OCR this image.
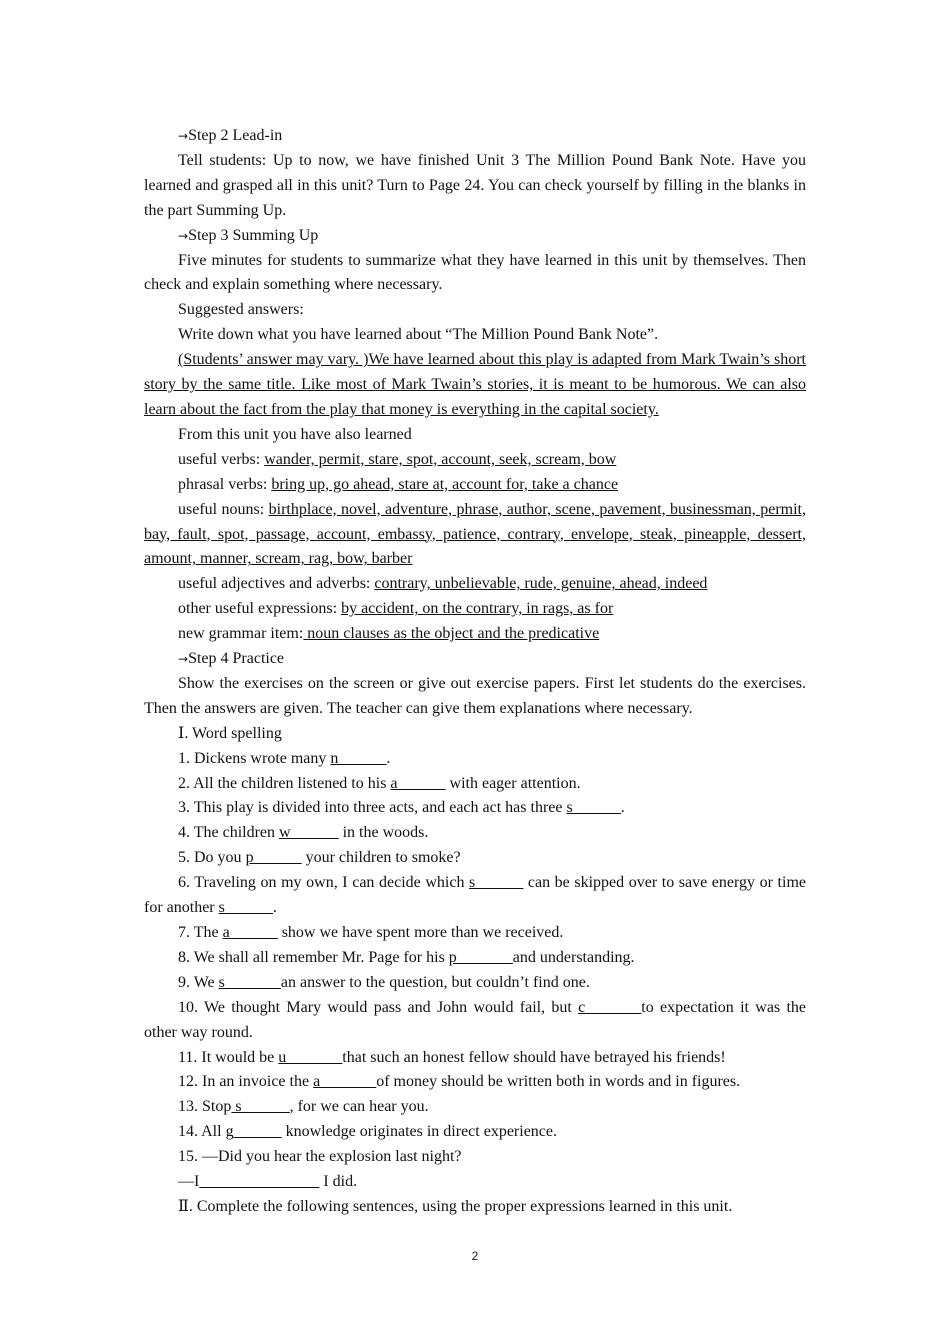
→Step 2 Lead-in

Tell students: Up to now, we have finished Unit 3 The Million Pound Bank Note. Have you learned and grasped all in this unit? Turn to Page 24. You can check yourself by filling in the blanks in the part Summing Up.

→Step 3 Summing Up

Five minutes for students to summarize what they have learned in this unit by themselves. Then check and explain something where necessary.

Suggested answers:

Write down what you have learned about “The Million Pound Bank Note”.

(Students’ answer may vary. )We have learned about this play is adapted from Mark Twain’s short story by the same title. Like most of Mark Twain’s stories, it is meant to be humorous. We can also learn about the fact from the play that money is everything in the capital society.

From this unit you have also learned

useful verbs: wander, permit, stare, spot, account, seek, scream, bow

phrasal verbs: bring up, go ahead, stare at, account for, take a chance

useful nouns: birthplace, novel, adventure, phrase, author, scene, pavement, businessman, permit, bay, fault, spot, passage, account, embassy, patience, contrary, envelope, steak, pineapple, dessert, amount, manner, scream, rag, bow, barber

useful adjectives and adverbs: contrary, unbelievable, rude, genuine, ahead, indeed

other useful expressions: by accident, on the contrary, in rags, as for

new grammar item: noun clauses as the object and the predicative

→Step 4 Practice

Show the exercises on the screen or give out exercise papers. First let students do the exercises. Then the answers are given. The teacher can give them explanations where necessary.

Ⅰ. Word spelling

1. Dickens wrote many n______.

2. All the children listened to his a______ with eager attention.

3. This play is divided into three acts, and each act has three s______.

4. The children w______ in the woods.

5. Do you p______ your children to smoke?

6. Traveling on my own, I can decide which s______ can be skipped over to save energy or time for another s______.

7. The a______ show we have spent more than we received.

8. We shall all remember Mr. Page for his p_______and understanding.

9. We s_______an answer to the question, but couldn’t find one.

10. We thought Mary would pass and John would fail, but c_______to expectation it was the other way round.

11. It would be u_______that such an honest fellow should have betrayed his friends!

12. In an invoice the a_______of money should be written both in words and in figures.

13. Stop s______, for we can hear you.

14. All g______ knowledge originates in direct experience.

15. —Did you hear the explosion last night?

—I_______________ I did.

Ⅱ. Complete the following sentences, using the proper expressions learned in this unit.

2
